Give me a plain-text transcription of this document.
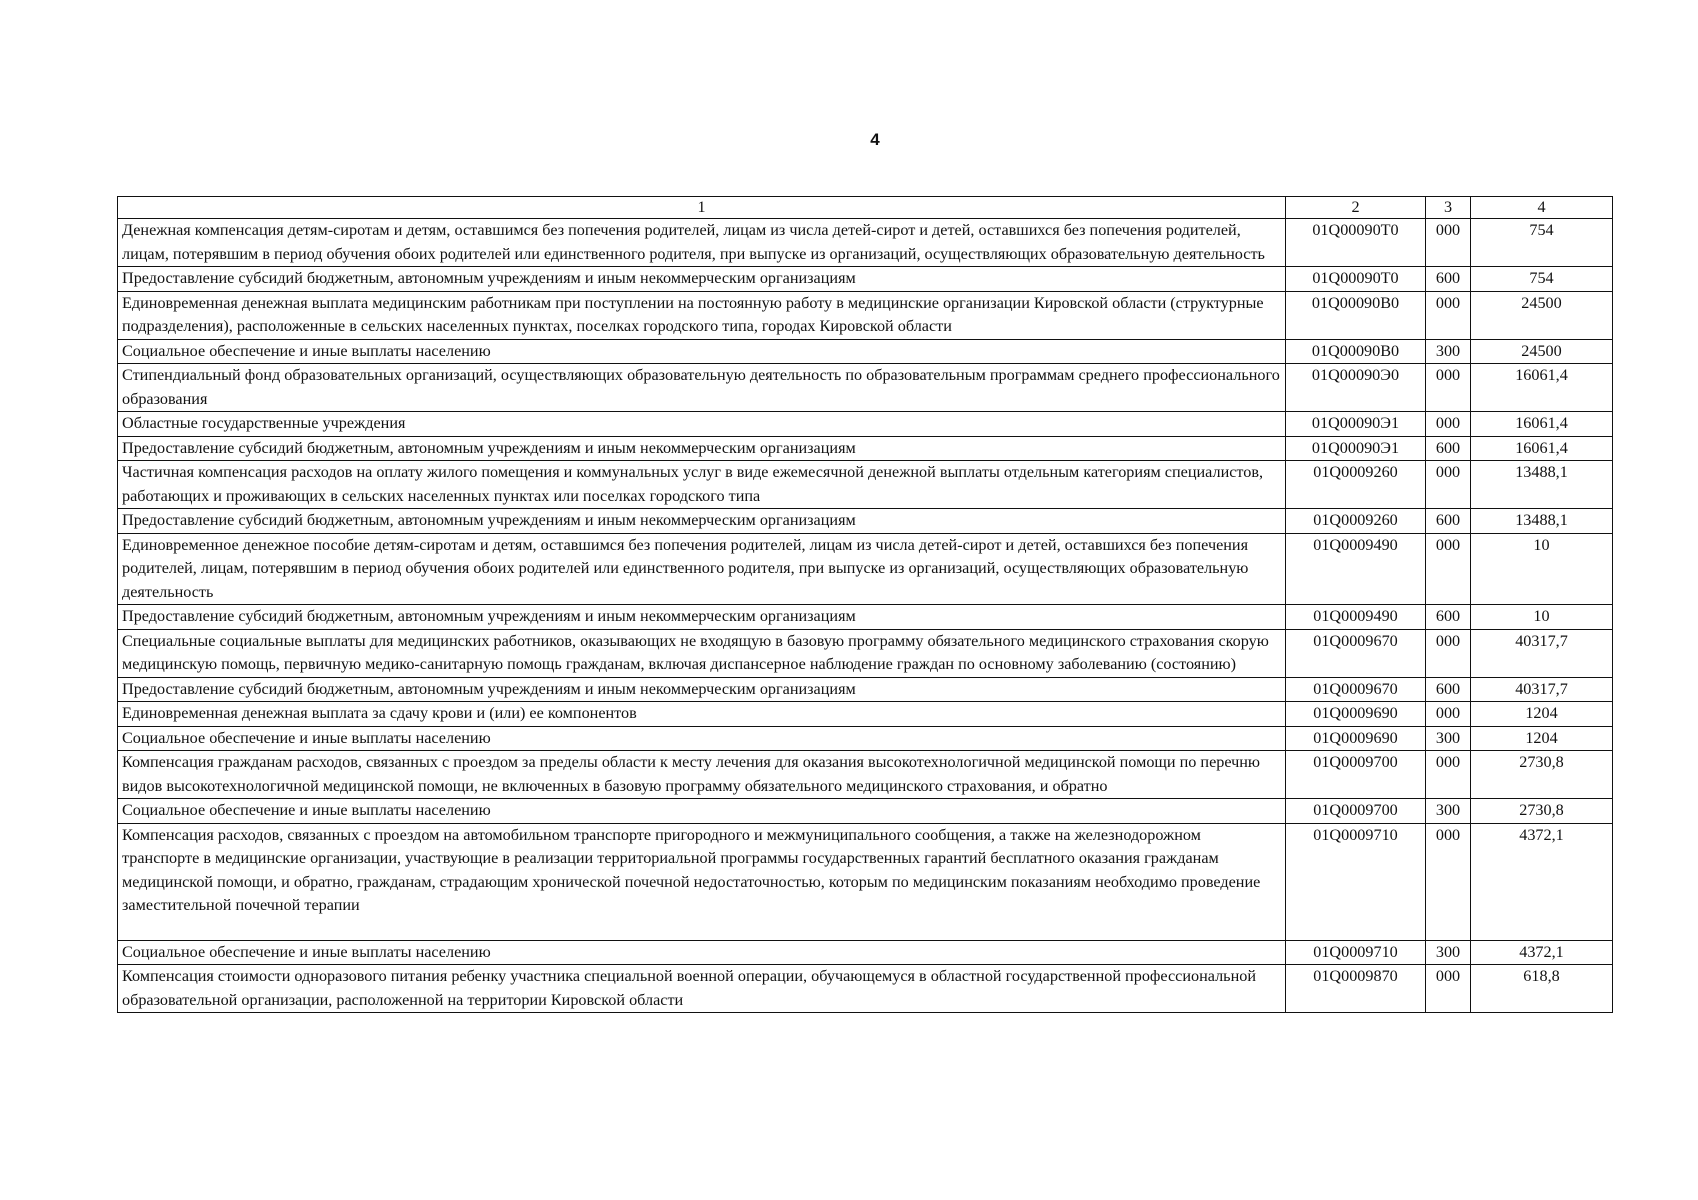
4
1	2	3	4
Денежная компенсация детям-сиротам и детям, оставшимся без попечения родителей, лицам из числа детей-сирот и детей, оставшихся без попечения родителей, лицам, потерявшим в период обучения обоих родителей или единственного родителя, при выпуске из организаций, осуществляющих образовательную деятельность	01Q00090T0	000	754
Предоставление субсидий бюджетным, автономным учреждениям и иным некоммерческим организациям	01Q00090T0	600	754
Единовременная денежная выплата медицинским работникам при поступлении на постоянную работу в медицинские организации Кировской области (структурные подразделения), расположенные в сельских населенных пунктах, поселках городского типа, городах Кировской области	01Q00090B0	000	24500
Социальное обеспечение и иные выплаты населению	01Q00090B0	300	24500
Стипендиальный фонд образовательных организаций, осуществляющих образовательную деятельность по образовательным программам среднего профессионального образования	01Q00090Э0	000	16061,4
Областные государственные учреждения	01Q00090Э1	000	16061,4
Предоставление субсидий бюджетным, автономным учреждениям и иным некоммерческим организациям	01Q00090Э1	600	16061,4
Частичная компенсация расходов на оплату жилого помещения и коммунальных услуг в виде ежемесячной денежной выплаты отдельным категориям специалистов, работающих и проживающих в сельских населенных пунктах или поселках городского типа	01Q0009260	000	13488,1
Предоставление субсидий бюджетным, автономным учреждениям и иным некоммерческим организациям	01Q0009260	600	13488,1
Единовременное денежное пособие детям-сиротам и детям, оставшимся без попечения родителей, лицам из числа детей-сирот и детей, оставшихся без попечения родителей, лицам, потерявшим в период обучения обоих родителей или единственного родителя, при выпуске из организаций, осуществляющих образовательную деятельность	01Q0009490	000	10
Предоставление субсидий бюджетным, автономным учреждениям и иным некоммерческим организациям	01Q0009490	600	10
Специальные социальные выплаты для медицинских работников, оказывающих не входящую в базовую программу обязательного медицинского страхования скорую медицинскую помощь, первичную медико-санитарную помощь гражданам, включая диспансерное наблюдение граждан по основному заболеванию (состоянию)	01Q0009670	000	40317,7
Предоставление субсидий бюджетным, автономным учреждениям и иным некоммерческим организациям	01Q0009670	600	40317,7
Единовременная денежная выплата за сдачу крови и (или) ее компонентов	01Q0009690	000	1204
Социальное обеспечение и иные выплаты населению	01Q0009690	300	1204
Компенсация гражданам расходов, связанных с проездом за пределы области к месту лечения для оказания высокотехнологичной медицинской помощи по перечню видов высокотехнологичной медицинской помощи, не включенных в базовую программу обязательного медицинского страхования, и обратно	01Q0009700	000	2730,8
Социальное обеспечение и иные выплаты населению	01Q0009700	300	2730,8
Компенсация расходов, связанных с проездом на автомобильном транспорте пригородного и межмуниципального сообщения, а также на железнодорожном транспорте в медицинские организации, участвующие в реализации территориальной программы государственных гарантий бесплатного оказания гражданам медицинской помощи, и обратно, гражданам, страдающим хронической почечной недостаточностью, которым по медицинским показаниям необходимо проведение заместительной почечной терапии	01Q0009710	000	4372,1
Социальное обеспечение и иные выплаты населению	01Q0009710	300	4372,1
Компенсация стоимости одноразового питания ребенку участника специальной военной операции, обучающемуся в областной государственной профессиональной образовательной организации, расположенной на территории Кировской области	01Q0009870	000	618,8
